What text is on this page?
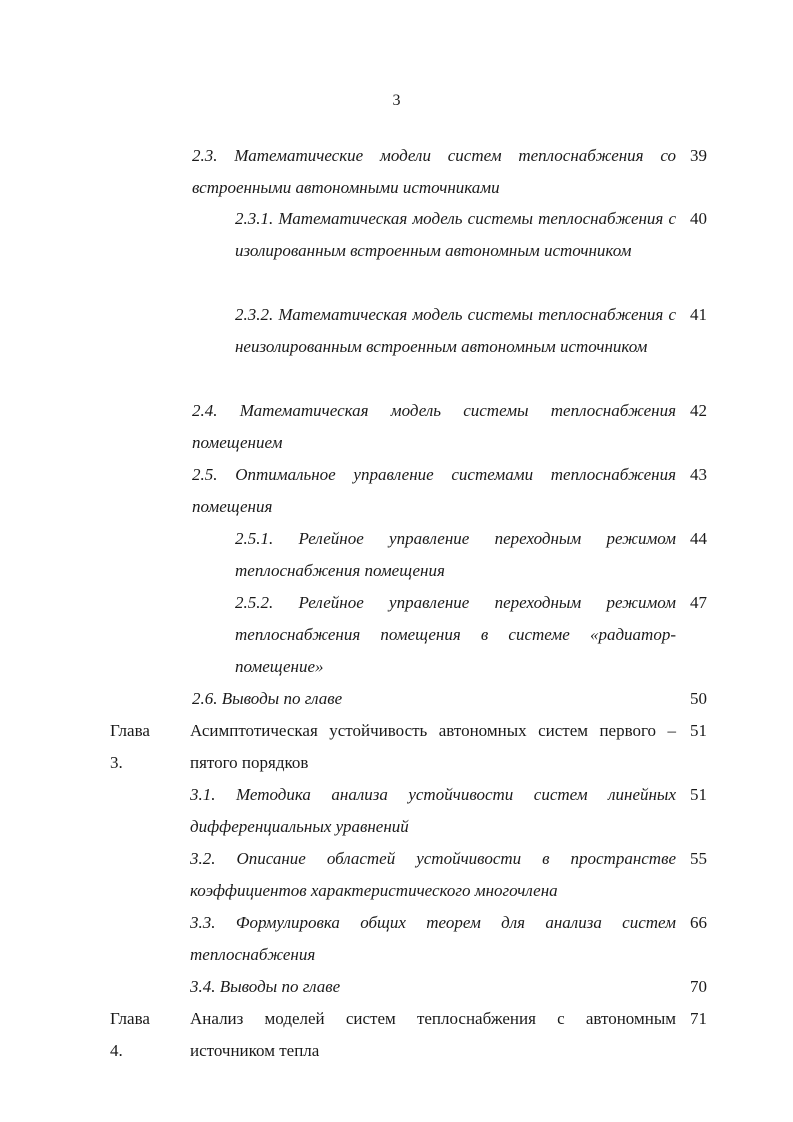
3
2.3. Математические модели систем теплоснабжения со встроенными автономными источниками
39
2.3.1. Математическая модель системы теплоснабжения с изолированным встроенным автономным источником
40
2.3.2. Математическая модель системы теплоснабжения с неизолированным встроенным автономным источником
41
2.4. Математическая модель системы теплоснабжения помещением
42
2.5. Оптимальное управление системами теплоснабжения помещения
43
2.5.1. Релейное управление переходным режимом теплоснабжения помещения
44
2.5.2. Релейное управление переходным режимом теплоснабжения помещения в системе «радиатор-помещение»
47
2.6. Выводы по главе	50
Глава 3.
Асимптотическая устойчивость автономных систем первого – пятого порядков
51
3.1. Методика анализа устойчивости систем линейных дифференциальных уравнений
51
3.2. Описание областей устойчивости в пространстве коэффициентов характеристического многочлена
55
3.3. Формулировка общих теорем для анализа систем теплоснабжения
66
3.4. Выводы по главе	70
Глава 4.
Анализ моделей систем теплоснабжения с автономным источником тепла
71
